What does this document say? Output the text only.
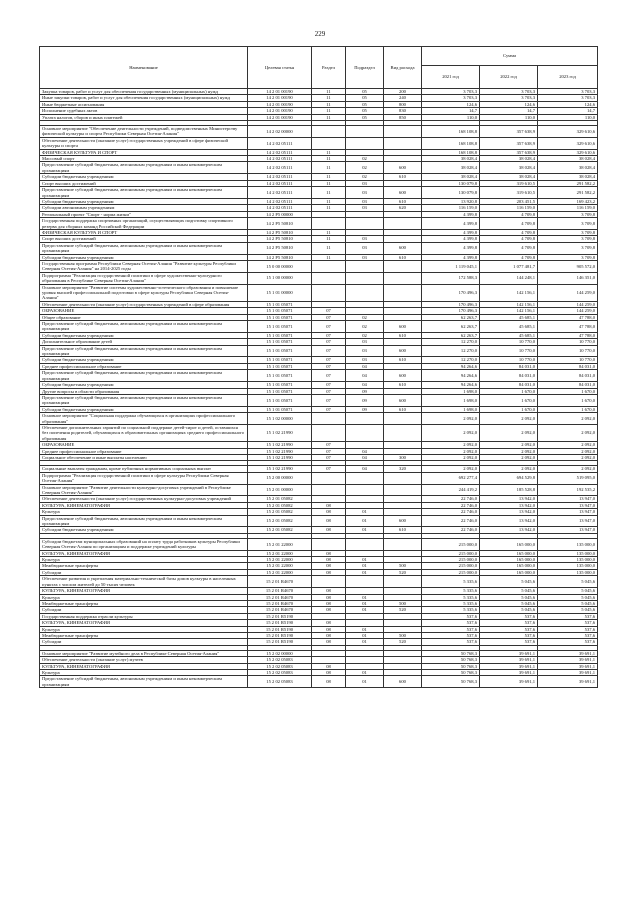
229
Наименование	Целевая статья	Раздел	Подраздел	Вид расхода	Сумма		
					2021 год	2022 год	2023 год
Закупка товаров, работ и услуг для обеспечения государственных (муниципальных) нужд	14 2 01 00190	11	05	200	3 703,3	3 703,3	3 703,3
Иные закупки товаров, работ и услуг для обеспечения государственных (муниципальных) нужд	14 2 01 00190	11	05	240	3 703,3	3 703,3	3 703,3
Иные бюджетные ассигнования	14 2 01 00190	11	05	800	124,6	124,6	124,6
Исполнение судебных актов	14 2 01 00190	11	05	830	14,7	14,7	14,7
Уплата налогов, сборов и иных платежей	14 2 01 00190	11	05	850	110,0	110,0	110,0

Основное мероприятие "Обеспечение деятельности учреждений, подведомственных Министерству физической культуры и спорта Республики Северная Осетия-Алания"	14 2 02 00000				168 108,8	357 638,9	329 610,6
Обеспечение деятельности (оказание услуг) государственных учреждений в сфере физической культуры и спорта	14 2 02 05111				168 108,8	357 638,9	329 610,6
ФИЗИЧЕСКАЯ КУЛЬТУРА И СПОРТ	14 2 02 05111	11			168 108,8	357 638,9	329 610,6
Массовый спорт	14 2 02 05111	11	02		38 028,4	38 028,4	38 028,4
Предоставление субсидий бюджетным, автономным учреждениям и иным некоммерческим организациям	14 2 02 05111	11	02	600	38 028,4	38 028,4	38 028,4
Субсидии бюджетным учреждениям	14 2 02 05111	11	02	610	38 028,4	38 028,4	38 028,4
Спорт высших достижений	14 2 02 05111	11	03		130 079,8	319 610,5	291 582,2
Предоставление субсидий бюджетным, автономным учреждениям и иным некоммерческим организациям	14 2 02 05111	11	03	600	130 079,8	319 610,5	291 582,2
Субсидии бюджетным учреждениям	14 2 02 05111	11	03	610	13 920,8	203 451,5	169 423,2
Субсидии автономным учреждениям	14 2 02 05111	11	03	620	116 159,0	116 159,0	116 159,0
Региональный проект "Спорт - норма жизни"	14 2 P5 00000				4 399,8	4 709,8	3 709,8
Государственная поддержка спортивных организаций, осуществляющих подготовку спортивного резерва для сборных команд Российской Федерации	14 2 P5 50810				4 399,8	4 709,8	3 709,8
ФИЗИЧЕСКАЯ КУЛЬТУРА И СПОРТ	14 2 P5 50810	11			4 399,8	4 709,8	3 709,8
Спорт высших достижений	14 2 P5 50810	11	03		4 399,8	4 709,8	3 709,8
Предоставление субсидий бюджетным, автономным учреждениям и иным некоммерческим организациям	14 2 P5 50810	11	03	600	4 399,8	4 709,8	3 709,8
Субсидии бюджетным учреждениям	14 2 P5 50810	11	03	610	4 399,8	4 709,8	3 709,8
Государственная программа Республики Северная Осетия-Алания "Развитие культуры Республики Северная Осетия-Алания" на 2014-2025 годы	15 0 00 00000				1 119 045,1	1 077 481,7	905 572,0
Подпрограмма "Реализация государственной политики в сфере художественно-культурного образования в Республике Северная Осетия-Алания"	15 1 00 00000				172 588,3	144 248,1	146 351,0
Основное мероприятие "Развитие системы художественно-эстетического образования и повышение уровня высшей профессиональной подготовки в сфере культуры Республики Северная Осетия-Алания"	15 1 01 00000				170 496,3	142 156,1	144 259,0
Обеспечение деятельности (оказание услуг) государственных учреждений в сфере образования	15 1 01 05071				170 496,3	142 156,1	144 259,0
ОБРАЗОВАНИЕ	15 1 01 05071	07			170 496,3	142 156,1	144 259,0
Общее образование	15 1 01 05071	07	02		62 263,7	45 685,1	47 788,0
Предоставление субсидий бюджетным, автономным учреждениям и иным некоммерческим организациям	15 1 01 05071	07	02	600	62 263,7	45 685,1	47 788,0
Субсидии бюджетным учреждениям	15 1 01 05071	07	02	610	62 263,7	45 685,1	47 788,0
Дополнительное образование детей	15 1 01 05071	07	03		12 270,0	10 770,0	10 770,0
Предоставление субсидий бюджетным, автономным учреждениям и иным некоммерческим организациям	15 1 01 05071	07	03	600	12 270,0	10 770,0	10 770,0
Субсидии бюджетным учреждениям	15 1 01 05071	07	03	610	12 270,0	10 770,0	10 770,0
Среднее профессиональное образование	15 1 01 05071	07	04		94 264,6	84 031,0	84 031,0
Предоставление субсидий бюджетным, автономным учреждениям и иным некоммерческим организациям	15 1 01 05071	07	04	600	94 264,6	84 031,0	84 031,0
Субсидии бюджетным учреждениям	15 1 01 05071	07	04	610	94 264,6	84 031,0	84 031,0
Другие вопросы в области образования	15 1 01 05071	07	09		1 698,0	1 670,0	1 670,0
Предоставление субсидий бюджетным, автономным учреждениям и иным некоммерческим организациям	15 1 01 05071	07	09	600	1 698,0	1 670,0	1 670,0
Субсидии бюджетным учреждениям	15 1 01 05071	07	09	610	1 698,0	1 670,0	1 670,0
Основное мероприятие "Социальная поддержка обучающихся в организациях профессионального образования"	15 1 02 00000				2 092,0	2 092,0	2 092,0
Обеспечение дополнительных гарантий по социальной поддержке детей-сирот и детей, оставшихся без попечения родителей, обучающихся в образовательных организациях среднего профессионального образования	15 1 02 21990				2 092,0	2 092,0	2 092,0
ОБРАЗОВАНИЕ	15 1 02 21990	07			2 092,0	2 092,0	2 092,0
Среднее профессиональное образование	15 1 02 21990	07	04		2 092,0	2 092,0	2 092,0
Социальное обеспечение и иные выплаты населению	15 1 02 21990	07	04	300	2 092,0	2 092,0	2 092,0

Социальные выплаты гражданам, кроме публичных нормативных социальных выплат	15 1 02 21990	07	04	320	2 092,0	2 092,0	2 092,0
Подпрограмма "Реализация государственной политики в сфере культуры Республики Северная Осетия-Алания"	15 2 00 00000				692 277,4	694 529,8	519 095,0
Основное мероприятие "Развитие деятельности культурно-досуговых учреждений в Республике Северная Осетия-Алания"	15 2 01 00000				244 419,2	185 528,8	192 535,2
Обеспечение деятельности (оказание услуг) государственных культурно-досуговых учреждений	15 2 01 05082				22 746,0	13 942,0	13 947,0
КУЛЬТУРА, КИНЕМАТОГРАФИЯ	15 2 01 05082	08			22 746,0	13 942,0	13 947,0
Культура	15 2 01 05082	08	01		22 746,0	13 942,0	13 947,0
Предоставление субсидий бюджетным, автономным учреждениям и иным некоммерческим организациям	15 2 01 05082	08	01	600	22 746,0	13 942,0	13 947,0
Субсидии бюджетным учреждениям	15 2 01 05082	08	01	610	22 746,0	13 942,0	13 947,0

Субсидии бюджетам муниципальных образований на оплату труда работников культуры Республики Северная Осетия-Алания по организациям и поддержке учреждений культуры	15 2 01 22000				215 000,0	165 000,0	135 000,0
КУЛЬТУРА, КИНЕМАТОГРАФИЯ	15 2 01 22000	08			215 000,0	165 000,0	135 000,0
Культура	15 2 01 22000	08	01		215 000,0	165 000,0	135 000,0
Межбюджетные трансферты	15 2 01 22000	08	01	500	215 000,0	165 000,0	135 000,0
Субсидии	15 2 01 22000	08	01	520	215 000,0	165 000,0	135 000,0
Обеспечение развития и укрепления материально-технической базы домов культуры в населенных пунктах с числом жителей до 50 тысяч человек	15 2 01 R4670				5 335,6	5 045,6	5 045,6
КУЛЬТУРА, КИНЕМАТОГРАФИЯ	15 2 01 R4670	08			5 335,6	5 045,6	5 045,6
Культура	15 2 01 R4670	08	01		5 335,6	5 045,6	5 045,6
Межбюджетные трансферты	15 2 01 R4670	08	01	500	5 335,6	5 045,6	5 045,6
Субсидии	15 2 01 R4670	08	01	520	5 335,6	5 045,6	5 045,6
Государственная поддержка отрасли культуры	15 2 01 R5190				537,6	537,6	537,6
КУЛЬТУРА, КИНЕМАТОГРАФИЯ	15 2 01 R5190	08			537,6	537,6	537,6
Культура	15 2 01 R5190	08	01		537,6	537,6	537,6
Межбюджетные трансферты	15 2 01 R5190	08	01	500	537,6	537,6	537,6
Субсидии	15 2 01 R5190	08	01	520	537,6	537,6	537,6

Основное мероприятие "Развитие музейного дела в Республике Северная Осетия-Алания"	15 2 02 00000				50 768,3	39 691,1	39 691,1
Обеспечение деятельности (оказание услуг) музеев	15 2 02 05083				50 768,3	39 691,1	39 691,1
КУЛЬТУРА, КИНЕМАТОГРАФИЯ	15 2 02 05083	08			50 768,3	39 691,1	39 691,1
Культура	15 2 02 05083	08	01		50 768,3	39 691,1	39 691,1
Предоставление субсидий бюджетным, автономным учреждениям и иным некоммерческим организациям	15 2 02 05083	08	01	600	50 768,3	39 691,1	39 691,1
